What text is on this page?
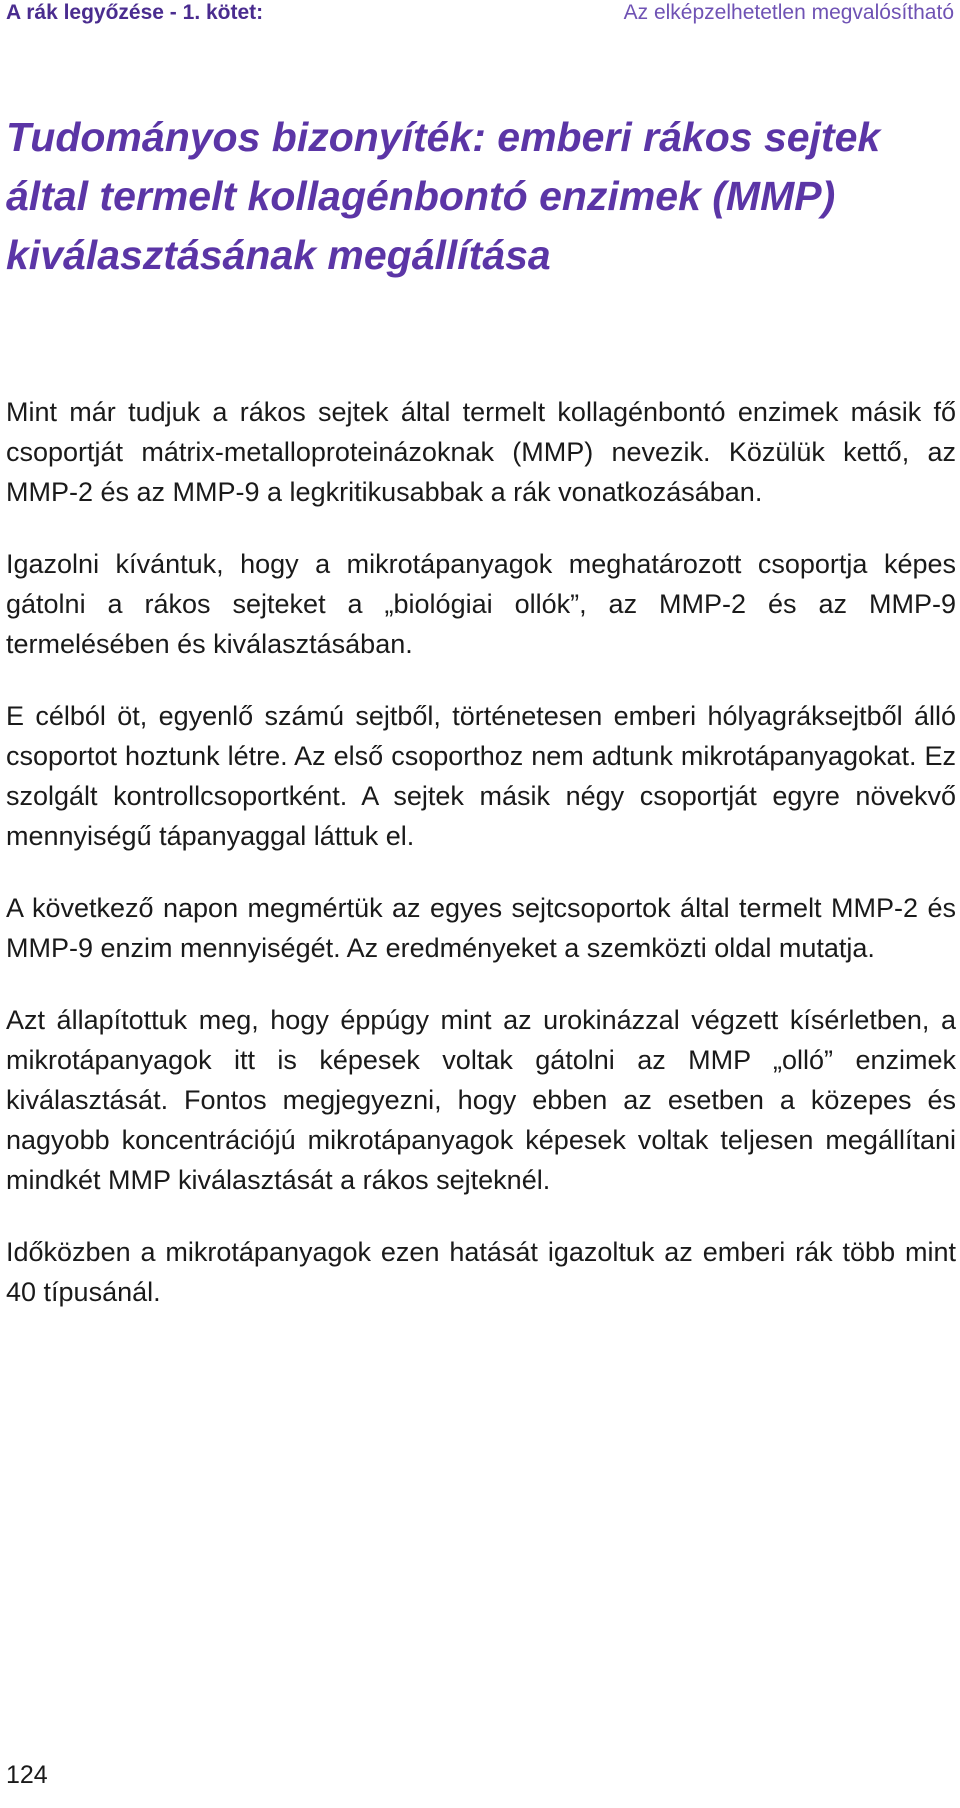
A rák legyőzése - 1. kötet:	Az elképzelhetetlen megvalósítható
Tudományos bizonyíték: emberi rákos sejtek által termelt kollagénbontó enzimek (MMP) kiválasztásának megállítása

Mint már tudjuk a rákos sejtek által termelt kollagénbontó enzimek másik fő csoportját mátrix-metalloproteinázoknak (MMP) nevezik. Közülük kettő, az MMP-2 és az MMP-9 a legkritikusabbak a rák vonatkozásában.

Igazolni kívántuk, hogy a mikrotápanyagok meghatározott csoportja képes gátolni a rákos sejteket a „biológiai ollók”, az MMP-2 és az MMP-9 termelésében és kiválasztásában.

E célból öt, egyenlő számú sejtből, történetesen emberi hólyagráksejtből álló csoportot hoztunk létre. Az első csoporthoz nem adtunk mikrotápanyagokat. Ez szolgált kontrollcsoportként. A sejtek másik négy csoportját egyre növekvő mennyiségű tápanyaggal láttuk el.

A következő napon megmértük az egyes sejtcsoportok által termelt MMP-2 és MMP-9 enzim mennyiségét. Az eredményeket a szemközti oldal mutatja.

Azt állapítottuk meg, hogy éppúgy mint az urokinázzal végzett kísérletben, a mikrotápanyagok itt is képesek voltak gátolni az MMP „olló” enzimek kiválasztását. Fontos megjegyezni, hogy ebben az esetben a közepes és nagyobb koncentrációjú mikrotápanyagok képesek voltak teljesen megállítani mindkét MMP kiválasztását a rákos sejteknél.

Időközben a mikrotápanyagok ezen hatását igazoltuk az emberi rák több mint 40 típusánál.

124
